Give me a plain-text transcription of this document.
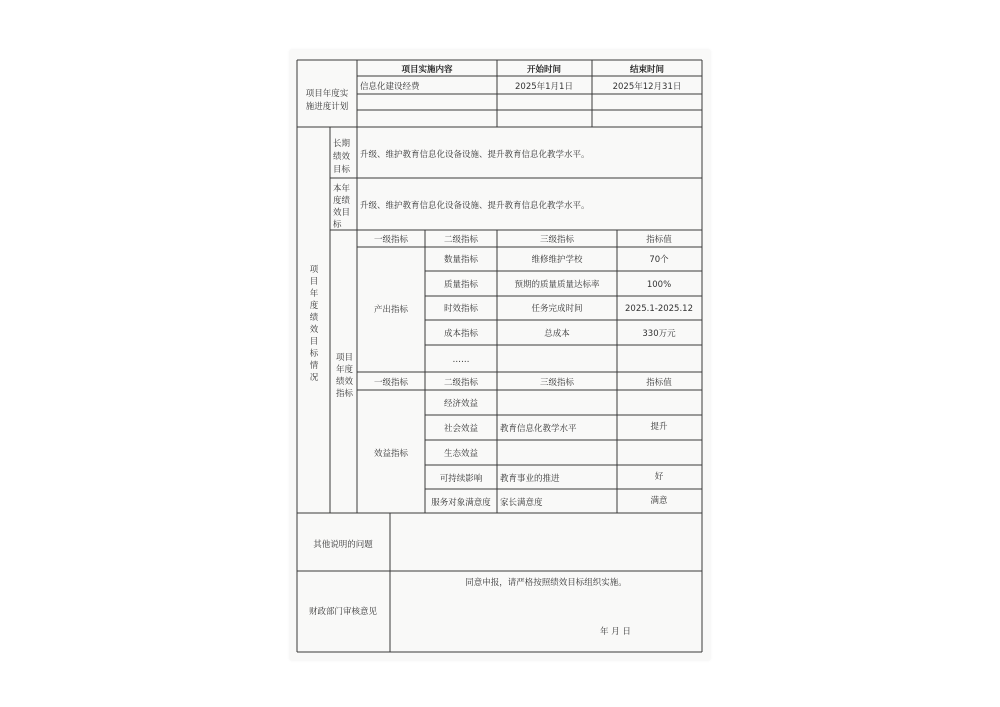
项目年度实
施进度计划
项目实施内容	开始时间	结束时间
信息化建设经费	2025年1月1日	2025年12月31日
项
目
年
度
绩
效
目
标
情
况
长期
绩效
目标
升级、维护教育信息化设备设施、提升教育信息化教学水平。
本年
度绩
效目
标
升级、维护教育信息化设备设施、提升教育信息化教学水平。
项目
年度
绩效
指标
一级指标	二级指标	三级指标	指标值
产出指标
数量指标	维修维护学校	70个
质量指标	预期的质量质量达标率	100%
时效指标	任务完成时间	2025.1-2025.12
成本指标	总成本	330万元
……
一级指标	二级指标	三级指标	指标值
效益指标
经济效益
社会效益	教育信息化教学水平	提升
生态效益
可持续影响 教育事业的推进	好
服务对象满意度 家长满意度	满意
其他说明的问题
财政部门审核意见
同意申报，请严格按照绩效目标组织实施。
年 月 日
